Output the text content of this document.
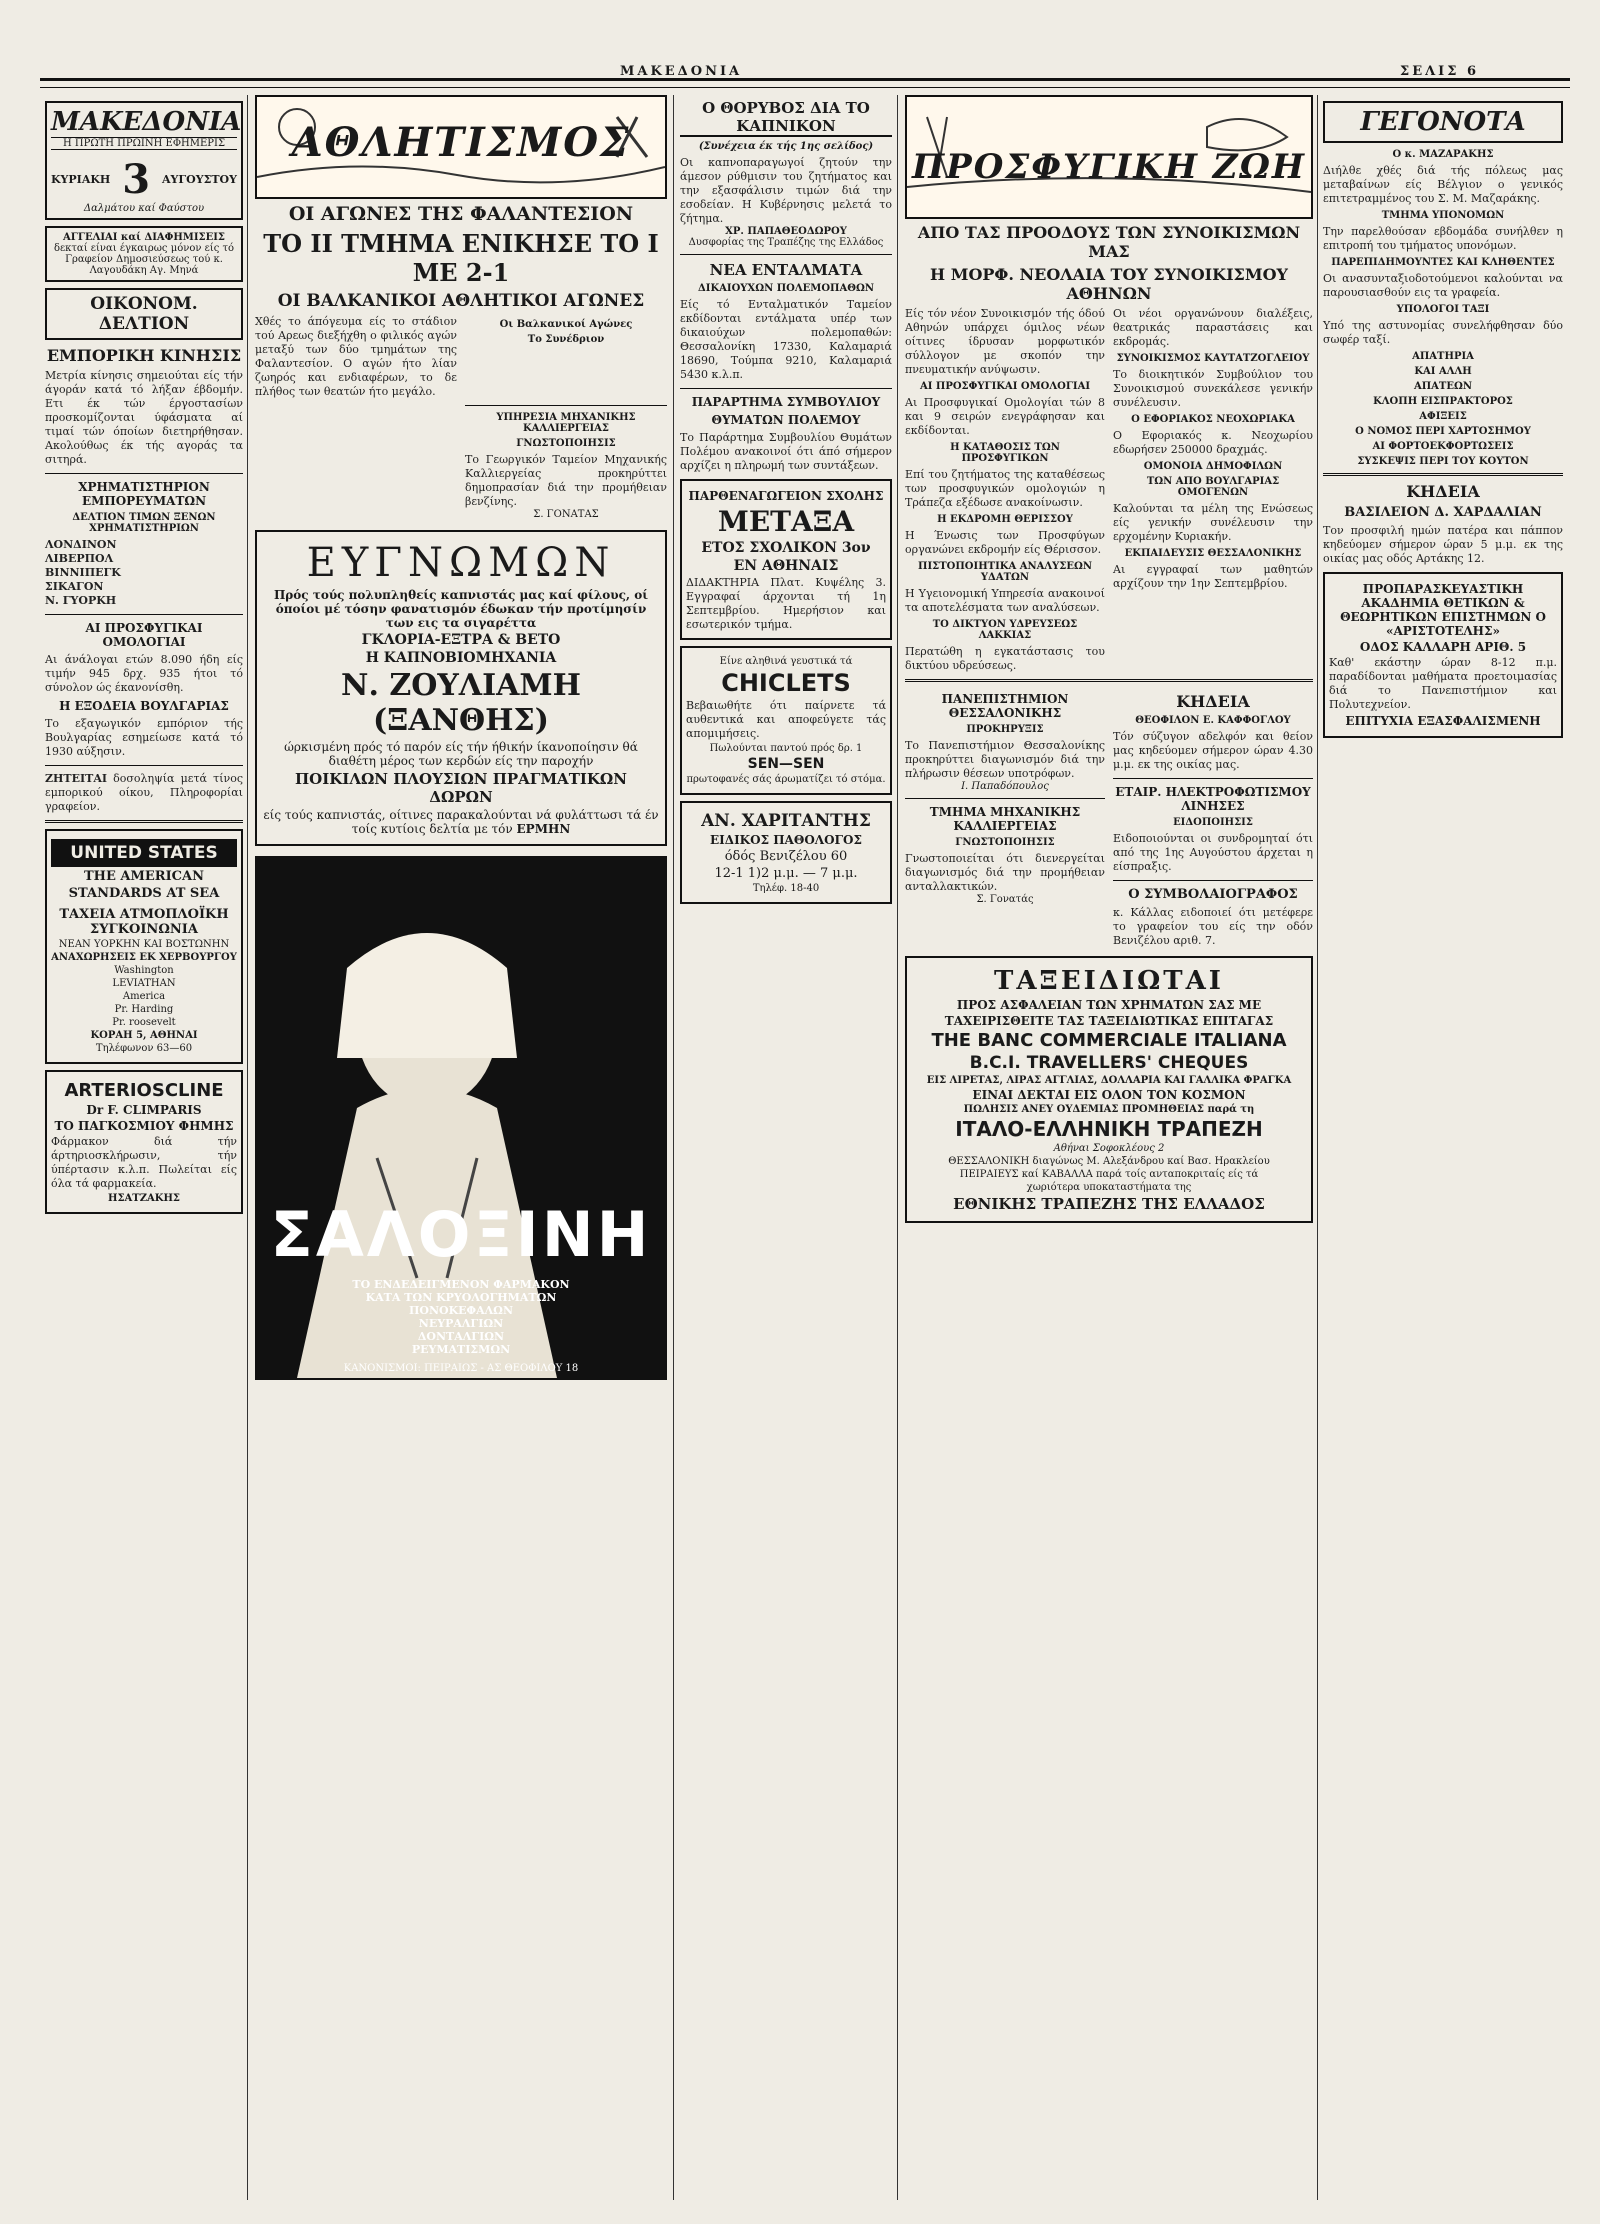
ΜΑΚΕΔΟΝΙΑ	ΣΕΛΙΣ 6
ΜΑΚΕΔΟΝΙΑ
Η ΠΡΩΤΗ ΠΡΩΙΝΗ ΕΦΗΜΕΡΙΣ
ΚΥΡΙΑΚΗ 3 ΑΥΓΟΥΣΤΟΥ
Δαλμάτου καί Φαύστου
ΑΓΓΕΛΙΑΙ καί ΔΙΑΦΗΜΙΣΕΙΣ
δεκταί είναι έγκαιρως μόνον είς τό Γραφείον Δημοσιεύσεως τού κ. Λαγουδάκη Αγ. Μηνά
ΟΙΚΟΝΟΜ. ΔΕΛΤΙΟΝ
ΕΜΠΟΡΙΚΗ ΚΙΝΗΣΙΣ

Μετρία κίνησις σημειούται είς τήν άγοράν κατά τό λήξαν έβδομήν. Ετι έκ τών έργοστασίων προσκομίζονται ύφάσματα αί τιμαί τών όποίων διετηρήθησαν. Ακολούθως έκ τής αγοράς τα σιτηρά.

ΧΡΗΜΑΤΙΣΤΗΡΙΟΝ ΕΜΠΟΡΕΥΜΑΤΩΝ
ΔΕΛΤΙΟΝ ΤΙΜΩΝ ΞΕΝΩΝ ΧΡΗΜΑΤΙΣΤΗΡΙΩΝ

ΛΟΝΔΙΝΟΝ

ΛΙΒΕΡΠΟΛ

ΒΙΝΝΙΠΕΓΚ

ΣΙΚΑΓΟΝ

Ν. ΓΥΟΡΚΗ

ΑΙ ΠΡΟΣΦΥΓΙΚΑΙ ΟΜΟΛΟΓΙΑΙ

Αι άνάλογαι ετών 8.090 ήδη είς τιμήν 945 δρχ. 935 ήτοι τό σύνολον ώς έκανονίσθη.

Η ΕΞΟΔΕΙΑ ΒΟΥΛΓΑΡΙΑΣ

Το εξαγωγικόν εμπόριον τής Βουλγαρίας εσημείωσε κατά τό 1930 αύξησιν.

ΖΗΤΕΙΤΑΙ δοσοληψία μετά τίνος εμπορικού οίκου, Πληροφορίαι γραφείον.

UNITED STATES
THE AMERICAN
STANDARDS AT SEA
ΤΑΧΕΙΑ ΑΤΜΟΠΛΟΪΚΗ ΣΥΓΚΟΙΝΩΝΙΑ
ΝΕΑΝ ΥΟΡΚΗΝ ΚΑΙ ΒΟΣΤΩΝΗΝ
ΑΝΑΧΩΡΗΣΕΙΣ ΕΚ ΧΕΡΒΟΥΡΓΟΥ
Washington
LEVIATHAN
America
Pr. Harding
Pr. roosevelt
ΚΟΡΑΗ 5, ΑΘΗΝΑΙ
Τηλέφωνον 63—60
ΑRTERIOSCLINE
Dr F. CLIMPARIS
ΤΟ ΠΑΓΚΟΣΜΙΟΥ ΦΗΜΗΣ

Φάρμακον διά τήν άρτηριοσκλήρωσιν, τήν ύπέρτασιν κ.λ.π. Πωλείται είς όλα τά φαρμακεία.

ΗΣΑΤΖΑΚΗΣ
ΑΘΛΗΤΙΣΜΟΣ
ΟΙ ΑΓΩΝΕΣ ΤΗΣ ΦΑΛΑΝΤΕΣΙΟΝ
ΤΟ ΙΙ ΤΜΗΜΑ ΕΝΙΚΗΣΕ ΤΟ Ι ΜΕ 2-1
ΟΙ ΒΑΛΚΑΝΙΚΟΙ ΑΘΛΗΤΙΚΟΙ ΑΓΩΝΕΣ

Χθές το άπόγευμα είς το στάδιον τού Αρεως διεξήχθη ο φιλικός αγών μεταξύ των δύο τμημάτων της Φαλαντεσίον. Ο αγών ήτο λίαν ζωηρός και ενδιαφέρων, το δε πλήθος των θεατών ήτο μεγάλο.

Οι Βαλκανικοί Αγώνες
Το Συνέδριον
ΥΠΗΡΕΣΙΑ ΜΗΧΑΝΙΚΗΣ ΚΑΛΛΙΕΡΓΕΙΑΣ
ΓΝΩΣΤΟΠΟΙΗΣΙΣ

Το Γεωργικόν Ταμείον Μηχανικής Καλλιεργείας προκηρύττει δημοπρασίαν διά την προμήθειαν βενζίνης.

Σ. ΓΟΝΑΤΑΣ
ΕΥΓΝΩΜΩΝ
Πρός τούς πολυπληθείς καπνιστάς μας καί φίλους, οί όποίοι μέ τόσην φανατισμόν έδωκαν τήν προτίμησίν των εις τα σιγαρέττα
ΓΚΛΟΡΙΑ-ΕΞΤΡΑ & ΒΕΤΟ
Η ΚΑΠΝΟΒΙΟΜΗΧΑΝΙΑ
Ν. ΖΟΥΛΙΑΜΗ (ΞΑΝΘΗΣ)
ώρκισμένη πρός τό παρόν είς τήν ήθικήν ίκανοποίησιν θά διαθέτη μέρος των κερδών είς την παροχήν
ΠΟΙΚΙΛΩΝ ΠΛΟΥΣΙΩΝ ΠΡΑΓΜΑΤΙΚΩΝ ΔΩΡΩΝ
είς τούς καπνιστάς, οίτινες παρακαλούνται νά φυλάττωσι τά έν τοίς κυτίοις δελτία με τόν ΕΡΜΗΝ
ΣΑΛΟΞΙΝΗ
ΤΟ ΕΝΔΕΔΕΙΓΜΕΝΟΝ ΦΑΡΜΑΚΟΝ
ΚΑΤΑ ΤΩΝ ΚΡΥΟΛΟΓΗΜΑΤΩΝ
ΠΟΝΟΚΕΦΑΛΩΝ
ΝΕΥΡΑΛΓΙΩΝ
ΔΟΝΤΑΛΓΙΩΝ
ΡΕΥΜΑΤΙΣΜΩΝ
ΚΑΝΟΝΙΣΜΟΙ: ΠΕΙΡΑΙΩΣ - ΑΣ ΘΕΟΦΙΛΟΥ 18
Ο ΘΟΡΥΒΟΣ ΔΙΑ ΤΟ ΚΑΠΝΙΚΟΝ
(Συνέχεια έκ τής 1ης σελίδος)

Οι καπνοπαραγωγοί ζητούν την άμεσον ρύθμισιν του ζητήματος και την εξασφάλισιν τιμών διά την εσοδείαν. Η Κυβέρνησις μελετά το ζήτημα.

ΧΡ. ΠΑΠΑΘΕΟΔΩΡΟΥ
Δυσφορίας της Τραπέζης της Ελλάδος
ΝΕΑ ΕΝΤΑΛΜΑΤΑ
ΔΙΚΑΙΟΥΧΩΝ ΠΟΛΕΜΟΠΑΘΩΝ

Είς τό Ενταλματικόν Ταμείον εκδίδονται εντάλματα υπέρ των δικαιούχων πολεμοπαθών: Θεσσαλονίκη 17330, Καλαμαριά 18690, Τούμπα 9210, Καλαμαριά 5430 κ.λ.π.

ΠΑΡΑΡΤΗΜΑ ΣΥΜΒΟΥΛΙΟΥ
ΘΥΜΑΤΩΝ ΠΟΛΕΜΟΥ

Το Παράρτημα Συμβουλίου Θυμάτων Πολέμου ανακοινοί ότι άπό σήμερον αρχίζει η πληρωμή των συντάξεων.

ΠΑΡΘΕΝΑΓΩΓΕΙΟΝ ΣΧΟΛΗΣ
ΜΕΤΑΞΑ
ΕΤΟΣ ΣΧΟΛΙΚΟΝ 3ον
ΕΝ ΑΘΗΝΑΙΣ

ΔΙΔΑΚΤΗΡΙΑ Πλατ. Κυψέλης 3. Εγγραφαί άρχονται τή 1η Σεπτεμβρίου. Ημερήσιον και εσωτερικόν τμήμα.

Είνε αληθινά γευστικά τά
CHICLETS

Βεβαιωθήτε ότι παίρνετε τά αυθεντικά και αποφεύγετε τάς απομιμήσεις.

Πωλούνται παντού πρός δρ. 1
SEN—SEN
πρωτοφανές σάς άρωματίζει τό στόμα.
ΑΝ. ΧΑΡΙΤΑΝΤΗΣ
ΕΙΔΙΚΟΣ ΠΑΘΟΛΟΓΟΣ
όδός Βενιζέλου 60
12-1 1)2 μ.μ. — 7 μ.μ.
Τηλέφ. 18-40
ΠΡΟΣΦΥΓΙΚΗ ΖΩΗ
ΑΠΟ ΤΑΣ ΠΡΟΟΔΟΥΣ ΤΩΝ ΣΥΝΟΙΚΙΣΜΩΝ ΜΑΣ
Η ΜΟΡΦ. ΝΕΟΛΑΙΑ ΤΟΥ ΣΥΝΟΙΚΙΣΜΟΥ ΑΘΗΝΩΝ

Είς τόν νέον Συνοικισμόν τής όδού Αθηνών υπάρχει όμιλος νέων οίτινες ίδρυσαν μορφωτικόν σύλλογον με σκοπόν την πνευματικήν ανύψωσιν.

ΑΙ ΠΡΟΣΦΥΓΙΚΑΙ ΟΜΟΛΟΓΙΑΙ

Αι Προσφυγικαί Ομολογίαι τών 8 και 9 σειρών ενεγράφησαν και εκδίδονται.

Η ΚΑΤΑΘΟΣΙΣ ΤΩΝ ΠΡΟΣΦΥΓΙΚΩΝ

Επί του ζητήματος της καταθέσεως των προσφυγικών ομολογιών η Τράπεζα εξέδωσε ανακοίνωσιν.

Η ΕΚΔΡΟΜΗ ΘΕΡΙΣΣΟΥ

Η Ένωσις των Προσφύγων οργανώνει εκδρομήν είς Θέρισσον.

ΠΙΣΤΟΠΟΙΗΤΙΚΑ ΑΝΑΛΥΣΕΩΝ ΥΔΑΤΩΝ

Η Υγειονομική Υπηρεσία ανακοινοί τα αποτελέσματα των αναλύσεων.

ΤΟ ΔΙΚΤΥΟΝ ΥΔΡΕΥΣΕΩΣ ΛΑΚΚΙΑΣ

Περατώθη η εγκατάστασις του δικτύου υδρεύσεως.

Οι νέοι οργανώνουν διαλέξεις, θεατρικάς παραστάσεις και εκδρομάς.

ΣΥΝΟΙΚΙΣΜΟΣ ΚΑΥΤΑΤΖΟΓΛΕΙΟΥ

Το διοικητικόν Συμβούλιον του Συνοικισμού συνεκάλεσε γενικήν συνέλευσιν.

Ο ΕΦΟΡΙΑΚΟΣ ΝΕΟΧΩΡΙΑΚΑ

Ο Εφοριακός κ. Νεοχωρίου εδωρήσεν 250000 δραχμάς.

ΟΜΟΝΟΙΑ ΔΗΜΟΦΙΛΩΝ
ΤΩΝ ΑΠΟ ΒΟΥΛΓΑΡΙΑΣ ΟΜΟΓΕΝΩΝ

Καλούνται τα μέλη της Ενώσεως είς γενικήν συνέλευσιν την ερχομένην Κυριακήν.

ΕΚΠΑΙΔΕΥΣΙΣ ΘΕΣΣΑΛΟΝΙΚΗΣ

Αι εγγραφαί των μαθητών αρχίζουν την 1ην Σεπτεμβρίου.

ΠΑΝΕΠΙΣΤΗΜΙΟΝ ΘΕΣΣΑΛΟΝΙΚΗΣ
ΠΡΟΚΗΡΥΞΙΣ

Το Πανεπιστήμιον Θεσσαλονίκης προκηρύττει διαγωνισμόν διά την πλήρωσιν θέσεων υποτρόφων.

Ι. Παπαδόπουλος
ΤΜΗΜΑ ΜΗΧΑΝΙΚΗΣ ΚΑΛΛΙΕΡΓΕΙΑΣ
ΓΝΩΣΤΟΠΟΙΗΣΙΣ

Γνωστοποιείται ότι διενεργείται διαγωνισμός διά την προμήθειαν ανταλλακτικών.

Σ. Γονατάς
ΚΗΔΕΙΑ
ΘΕΟΦΙΛΟΝ Ε. ΚΑΦΦΟΓΛΟΥ

Τόν σύζυγον αδελφόν και θείον μας κηδεύομεν σήμερον ώραν 4.30 μ.μ. εκ της οικίας μας.

ΕΤΑΙΡ. ΗΛΕΚΤΡΟΦΩΤΙΣΜΟΥ ΛΙΝΗΣΕΣ
ΕΙΔΟΠΟΙΗΣΙΣ

Ειδοποιούνται οι συνδρομηταί ότι από της 1ης Αυγούστου άρχεται η είσπραξις.

Ο ΣΥΜΒΟΛΑΙΟΓΡΑΦΟΣ

κ. Κάλλας ειδοποιεί ότι μετέφερε το γραφείον του είς την οδόν Βενιζέλου αριθ. 7.

ΤΑΞΕΙΔΙΩΤΑΙ
ΠΡΟΣ ΑΣΦΑΛΕΙΑΝ ΤΩΝ ΧΡΗΜΑΤΩΝ ΣΑΣ ΜΕ
ΤΑΧΕΙΡΙΣΘΕΙΤΕ ΤΑΣ ΤΑΞΕΙΔΙΩΤΙΚΑΣ ΕΠΙΤΑΓΑΣ
THE BANC COMMERCIALE ITALIANA
B.C.I. TRAVELLERS' CHEQUES
ΕΙΣ ΛΙΡΕΤΑΣ, ΛΙΡΑΣ ΑΓΓΛΙΑΣ, ΔΟΛΛΑΡΙΑ ΚΑΙ ΓΑΛΛΙΚΑ ΦΡΑΓΚΑ
ΕΙΝΑΙ ΔΕΚΤΑΙ ΕΙΣ ΟΛΟΝ ΤΟΝ ΚΟΣΜΟΝ
ΠΩΛΗΣΙΣ ΑΝΕΥ ΟΥΔΕΜΙΑΣ ΠΡΟΜΗΘΕΙΑΣ παρά τη
ΙΤΑΛΟ-ΕΛΛΗΝΙΚΗ ΤΡΑΠΕΖΗ
Αθήναι Σοφοκλέους 2
ΘΕΣΣΑΛΟΝΙΚΗ διαγώνως Μ. Αλεξάνδρου καί Βασ. Ηρακλείου
ΠΕΙΡΑΙΕΥΣ καί ΚΑΒΑΛΛΑ παρά τοίς ανταποκριταίς είς τά
χωριότερα υποκαταστήματα της
ΕΘΝΙΚΗΣ ΤΡΑΠΕΖΗΣ ΤΗΣ ΕΛΛΑΔΟΣ
ΓΕΓΟΝΟΤΑ
Ο κ. ΜΑΖΑΡΑΚΗΣ

Διήλθε χθές διά τής πόλεως μας μεταβαίνων είς Βέλγιον ο γενικός επιτετραμμένος του Σ. Μ. Μαζαράκης.

ΤΜΗΜΑ ΥΠΟΝΟΜΩΝ

Την παρελθούσαν εβδομάδα συνήλθεν η επιτροπή του τμήματος υπονόμων.

ΠΑΡΕΠΙΔΗΜΟΥΝΤΕΣ ΚΑΙ ΚΛΗΘΕΝΤΕΣ

Οι ανασυνταξιοδοτούμενοι καλούνται να παρουσιασθούν εις τα γραφεία.

ΥΠΟΛΟΓΟΙ ΤΑΞΙ

Υπό της αστυνομίας συνελήφθησαν δύο σωφέρ ταξί.

ΑΠΑΤΗΡΙΑ
ΚΑΙ ΑΛΛΗ
ΑΠΑΤΕΩΝ
ΚΛΟΠΗ ΕΙΣΠΡΑΚΤΟΡΟΣ
ΑΦΙΞΕΙΣ
Ο ΝΟΜΟΣ ΠΕΡΙ ΧΑΡΤΟΣΗΜΟΥ
ΑΙ ΦΟΡΤΟΕΚΦΟΡΤΩΣΕΙΣ
ΣΥΣΚΕΨΙΣ ΠΕΡΙ ΤΟΥ ΚΟΥΤΟΝ
ΚΗΔΕΙΑ
ΒΑΣΙΛΕΙΟΝ Δ. ΧΑΡΔΑΛΙΑΝ

Τον προσφιλή ημών πατέρα και πάππον κηδεύομεν σήμερον ώραν 5 μ.μ. εκ της οικίας μας οδός Αρτάκης 12.

ΠΡΟΠΑΡΑΣΚΕΥΑΣΤΙΚΗ ΑΚΑΔΗΜΙΑ ΘΕΤΙΚΩΝ & ΘΕΩΡΗΤΙΚΩΝ ΕΠΙΣΤΗΜΩΝ Ο «ΑΡΙΣΤΟΤΕΛΗΣ»
ΟΔΟΣ ΚΑΛΛΑΡΗ ΑΡΙΘ. 5

Καθ' εκάστην ώραν 8-12 π.μ. παραδίδονται μαθήματα προετοιμασίας διά το Πανεπιστήμιον και Πολυτεχνείον.

ΕΠΙΤΥΧΙΑ ΕΞΑΣΦΑΛΙΣΜΕΝΗ
